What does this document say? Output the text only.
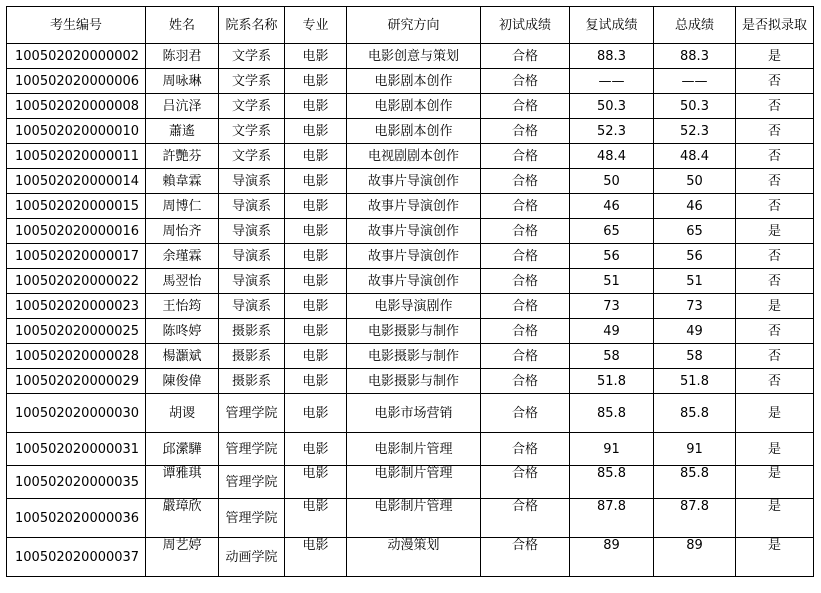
考生编号	姓名	院系名称	专业	研究方向	初试成绩	复试成绩	总成绩	是否拟录取
100502020000002	陈羽君	文学系	电影	电影创意与策划	合格	88.3	88.3	是
100502020000006	周咏琳	文学系	电影	电影剧本创作	合格	——	——	否
100502020000008	吕沆泽	文学系	电影	电影剧本创作	合格	50.3	50.3	否
100502020000010	蕭遙	文学系	电影	电影剧本创作	合格	52.3	52.3	否
100502020000011	許艷芬	文学系	电影	电视剧剧本创作	合格	48.4	48.4	否
100502020000014	賴韋霖	导演系	电影	故事片导演创作	合格	50	50	否
100502020000015	周博仁	导演系	电影	故事片导演创作	合格	46	46	否
100502020000016	周怡齐	导演系	电影	故事片导演创作	合格	65	65	是
100502020000017	余瑾霖	导演系	电影	故事片导演创作	合格	56	56	否
100502020000022	馬翌怡	导演系	电影	故事片导演创作	合格	51	51	否
100502020000023	王怡筠	导演系	电影	电影导演剧作	合格	73	73	是
100502020000025	陈咚婷	摄影系	电影	电影摄影与制作	合格	49	49	否
100502020000028	楊灝斌	摄影系	电影	电影摄影与制作	合格	58	58	否
100502020000029	陳俊偉	摄影系	电影	电影摄影与制作	合格	51.8	51.8	否
100502020000030	胡谡	管理学院	电影	电影市场营销	合格	85.8	85.8	是
100502020000031	邱瀠驊	管理学院	电影	电影制片管理	合格	91	91	是
100502020000035	谭雅琪	管理学院	电影	电影制片管理	合格	85.8	85.8	是
100502020000036	嚴璋欣	管理学院	电影	电影制片管理	合格	87.8	87.8	是
100502020000037	周艺婷	动画学院	电影	动漫策划	合格	89	89	是
